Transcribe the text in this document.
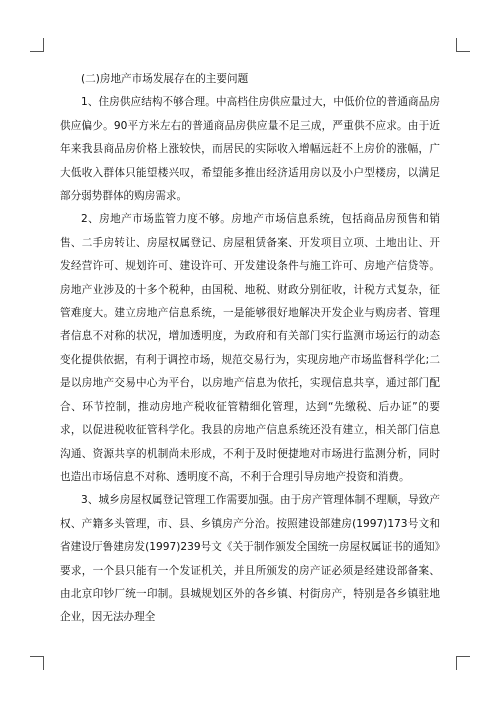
(二)房地产市场发展存在的主要问题

1、住房供应结构不够合理。中高档住房供应量过大，中低价位的普通商品房供应偏少。90平方米左右的普通商品房供应量不足三成，严重供不应求。由于近年来我县商品房价格上涨较快，而居民的实际收入增幅远赶不上房价的涨幅，广大低收入群体只能望楼兴叹，希望能多推出经济适用房以及小户型楼房，以满足部分弱势群体的购房需求。

2、房地产市场监管力度不够。房地产市场信息系统，包括商品房预售和销售、二手房转让、房屋权属登记、房屋租赁备案、开发项目立项、土地出让、开发经营许可、规划许可、建设许可、开发建设条件与施工许可、房地产信贷等。房地产业涉及的十多个税种，由国税、地税、财政分别征收，计税方式复杂，征管难度大。建立房地产信息系统，一是能够很好地解决开发企业与购房者、管理者信息不对称的状况，增加透明度，为政府和有关部门实行监测市场运行的动态变化提供依据，有利于调控市场，规范交易行为，实现房地产市场监督科学化;二是以房地产交易中心为平台，以房地产信息为依托，实现信息共享，通过部门配合、环节控制，推动房地产税收征管精细化管理，达到“先缴税、后办证”的要求，以促进税收征管科学化。我县的房地产信息系统还没有建立，相关部门信息沟通、资源共享的机制尚未形成，不利于及时便捷地对市场进行监测分析，同时也造出市场信息不对称、透明度不高，不利于合理引导房地产投资和消费。

3、城乡房屋权属登记管理工作需要加强。由于房产管理体制不理顺，导致产权、产籍多头管理，市、县、乡镇房产分治。按照建设部建房(1997)173号文和省建设厅鲁建房发(1997)239号文《关于制作颁发全国统一房屋权属证书的通知》要求，一个县只能有一个发证机关，并且所颁发的房产证必须是经建设部备案、由北京印钞厂统一印制。县城规划区外的各乡镇、村街房产，特别是各乡镇驻地企业，因无法办理全
